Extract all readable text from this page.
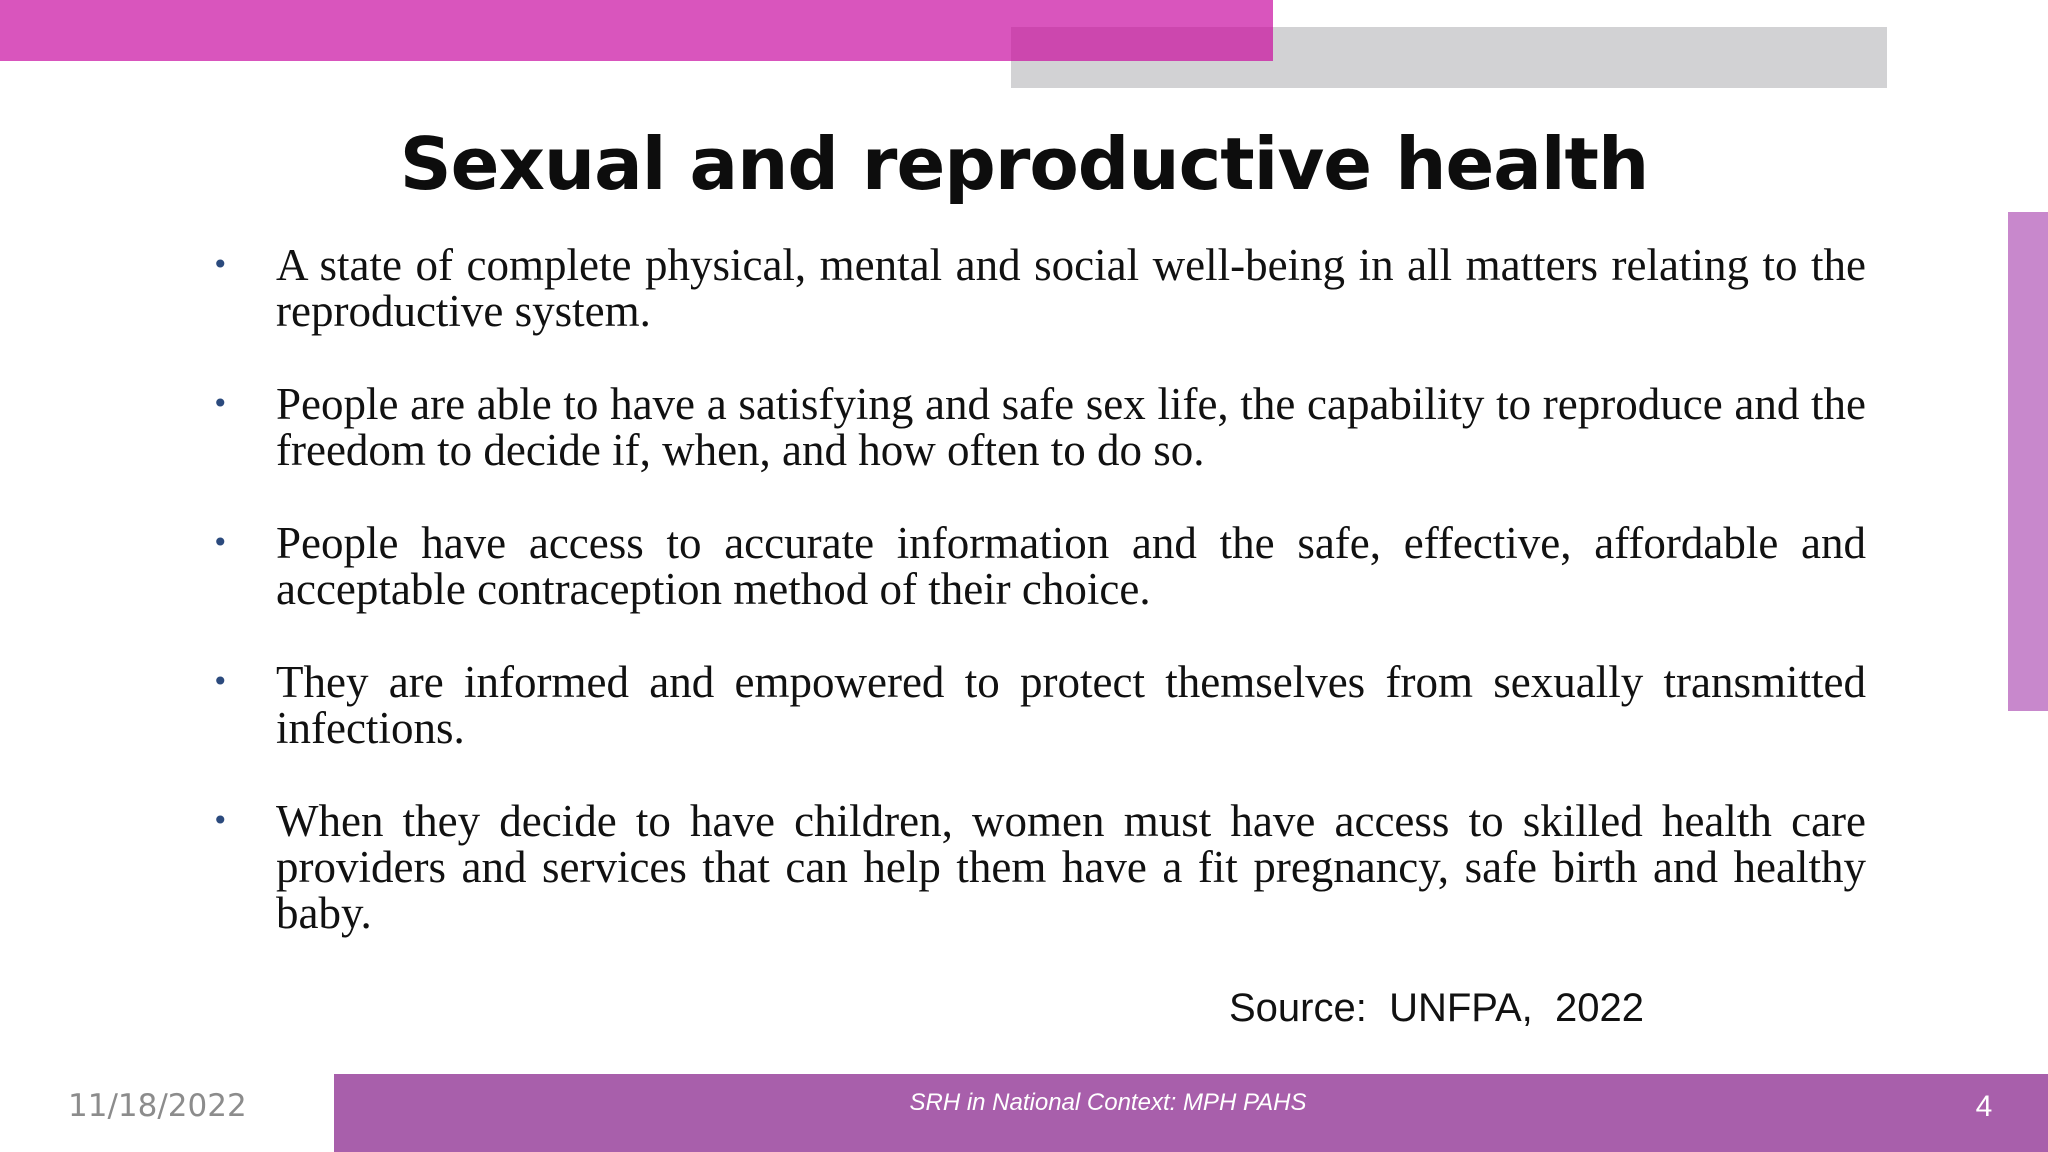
Sexual and reproductive health
• A state of complete physical, mental and social well-being in all matters relating to the reproductive system.
• People are able to have a satisfying and safe sex life, the capability to reproduce and the freedom to decide if, when, and how often to do so.
• People have access to accurate information and the safe, effective, affordable and acceptable contraception method of their choice.
• They are informed and empowered to protect themselves from sexually transmitted infections.
• When they decide to have children, women must have access to skilled health care providers and services that can help them have a fit pregnancy, safe birth and healthy baby.
Source:  UNFPA,  2022
11/18/2022	SRH in National Context: MPH PAHS	4
